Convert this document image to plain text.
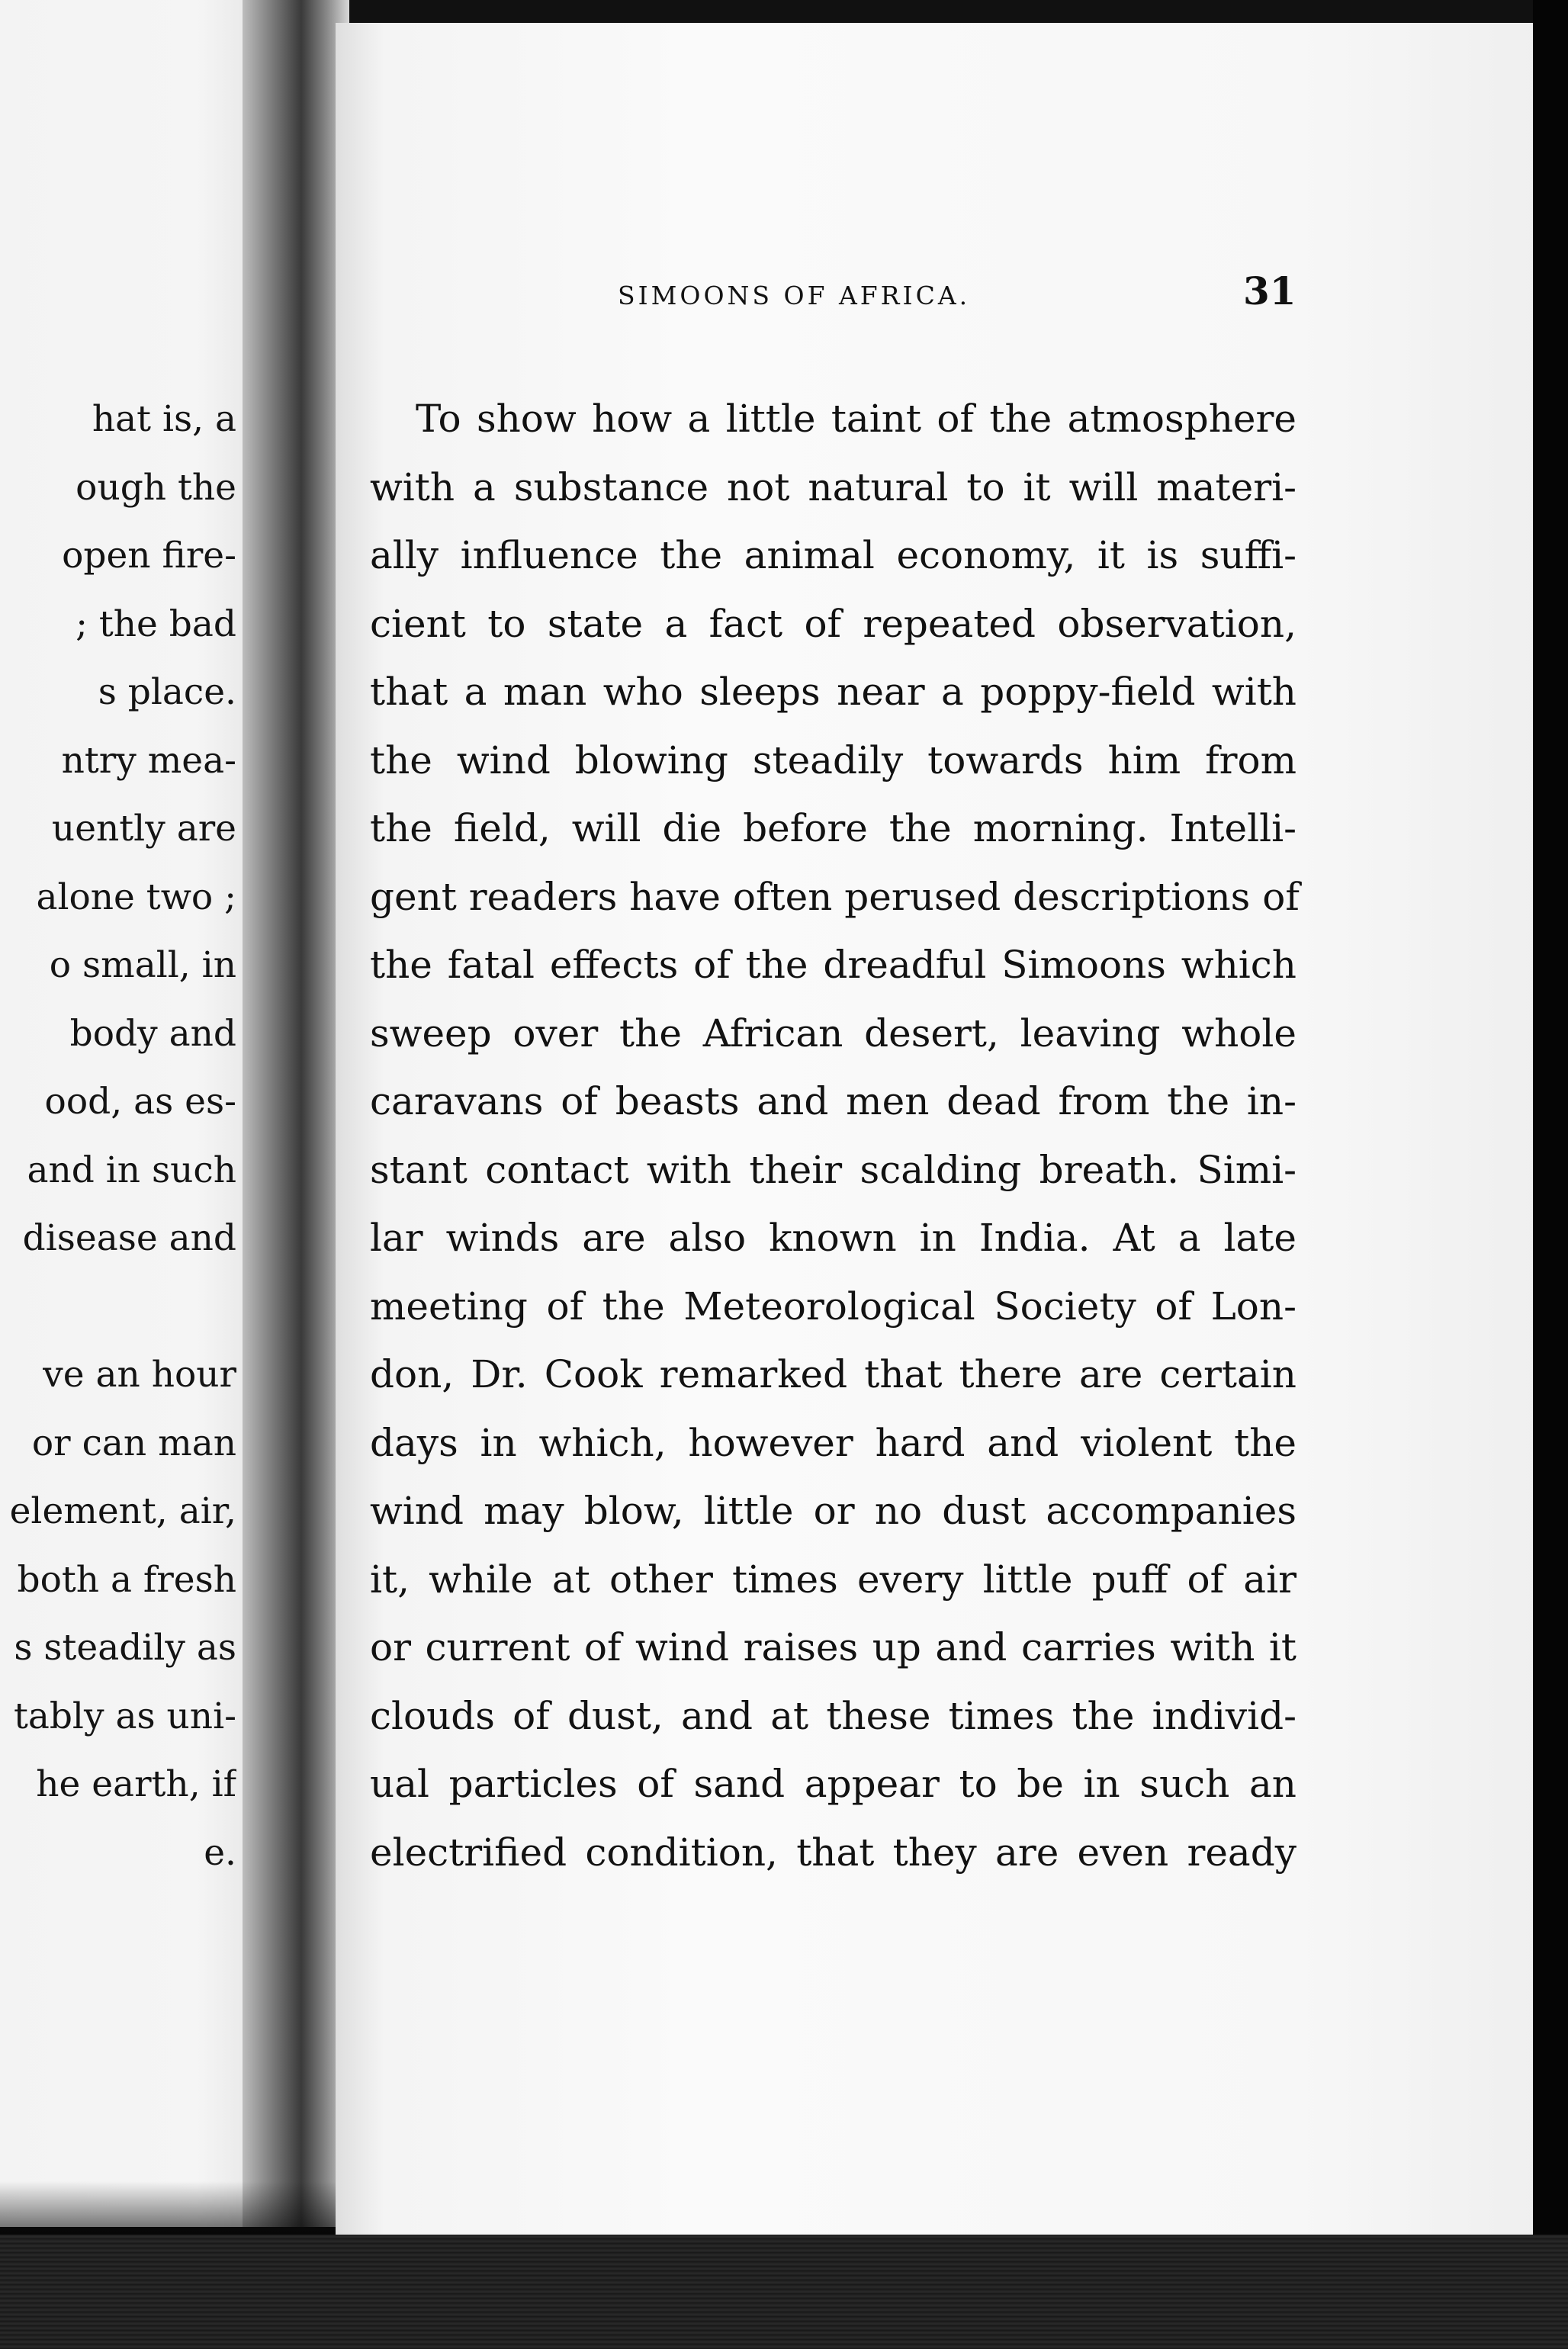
hat is, a
ough the
open fire-
; the bad
s place.
ntry mea-
uently are
alone two ;
o small, in
body and
ood, as es-
and in such
disease and
ve an hour
or can man
element, air,
both a fresh
s steadily as
tably as uni-
he earth, if
e.
SIMOONS OF AFRICA.	31
To show how a little taint of the atmosphere
with a substance not natural to it will materi-
ally influence the animal economy, it is suffi-
cient to state a fact of repeated observation,
that a man who sleeps near a poppy-field with
the wind blowing steadily towards him from
the field, will die before the morning. Intelli-
gent readers have often perused descriptions of
the fatal effects of the dreadful Simoons which
sweep over the African desert, leaving whole
caravans of beasts and men dead from the in-
stant contact with their scalding breath. Simi-
lar winds are also known in India. At a late
meeting of the Meteorological Society of Lon-
don, Dr. Cook remarked that there are certain
days in which, however hard and violent the
wind may blow, little or no dust accompanies
it, while at other times every little puff of air
or current of wind raises up and carries with it
clouds of dust, and at these times the individ-
ual particles of sand appear to be in such an
electrified condition, that they are even ready
